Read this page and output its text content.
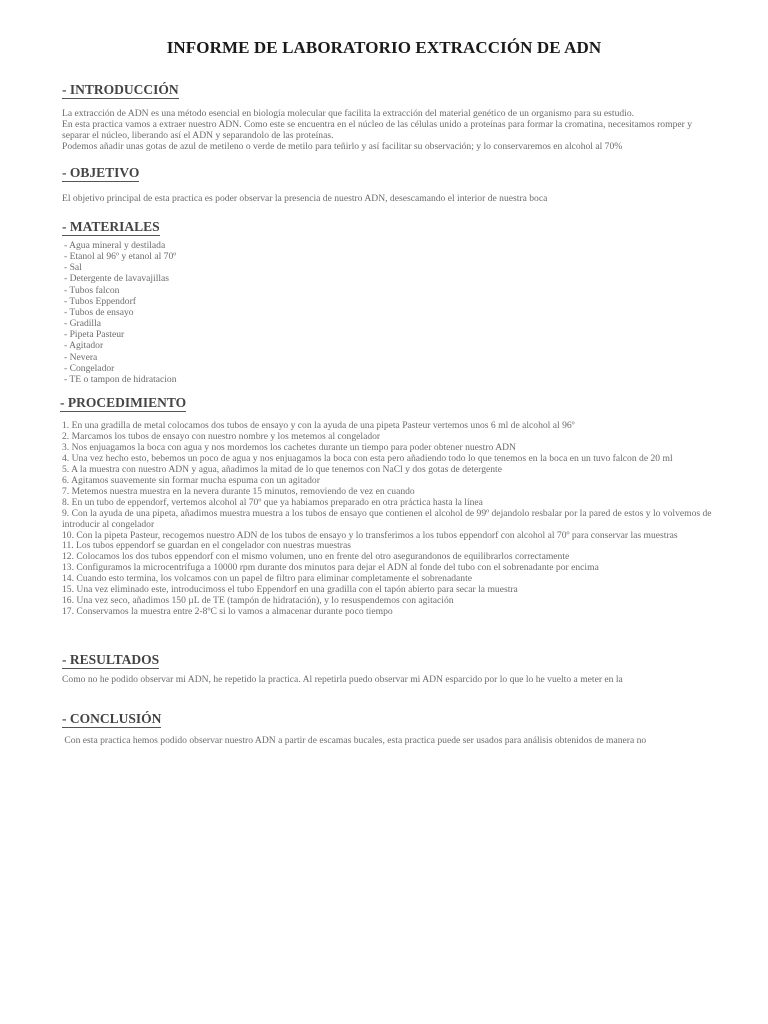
INFORME DE LABORATORIO EXTRACCIÓN DE ADN
- INTRODUCCIÓN
La extracción de ADN es una método esencial en biología molecular que facilita la extracción del material genético de un organismo para su estudio.
En esta practica vamos a extraer nuestro ADN. Como este se encuentra en el núcleo de las células unido a proteínas para formar la cromatina, necesitamos romper y separar el núcleo, liberando así el ADN y separandolo de las proteínas.
Podemos añadir unas gotas de azul de metileno o verde de metilo para teñirlo y así facilitar su observación; y lo conservaremos en alcohol al 70%
- OBJETIVO
El objetivo principal de esta practica es poder observar la presencia de nuestro ADN, desescamando el interior de nuestra boca
- MATERIALES
- Agua mineral y destilada
- Etanol al 96º y etanol al 70º
- Sal
- Detergente de lavavajillas
- Tubos falcon
- Tubos Eppendorf
- Tubos de ensayo
- Gradilla
- Pipeta Pasteur
- Agitador
- Nevera
- Congelador
- TE o tampon de hidratacion
- PROCEDIMIENTO
1. En una gradilla de metal colocamos dos tubos de ensayo y con la ayuda de una pipeta Pasteur vertemos unos 6 ml de alcohol al 96º
2. Marcamos los tubos de ensayo con nuestro nombre y los metemos al congelador
3. Nos enjuagamos la boca con agua y nos mordemos los cachetes durante un tiempo para poder obtener nuestro ADN
4. Una vez hecho esto, bebemos un poco de agua y nos enjuagamos la boca con esta pero añadiendo todo lo que tenemos en la boca en un tuvo falcon de 20 ml
5. A la muestra con nuestro ADN y agua, añadimos la mitad de lo que tenemos con NaCl y dos gotas de detergente
6. Agitamos suavemente sin formar mucha espuma con un agitador
7. Metemos nuestra muestra en la nevera durante 15 minutos, removiendo de vez en cuando
8. En un tubo de eppendorf, vertemos alcohol al 70º que ya habiamos preparado en otra práctica hasta la línea
9. Con la ayuda de una pipeta, añadimos muestra muestra a los tubos de ensayo que contienen el alcohol de 99º dejandolo resbalar por la pared de estos y lo volvemos de introducir al congelador
10. Con la pipeta Pasteur, recogemos nuestro ADN de los tubos de ensayo y lo transferimos a los tubos eppendorf con alcohol al 70º para conservar las muestras
11. Los tubos eppendorf se guardan en el congelador con nuestras muestras
12. Colocamos los dos tubos eppendorf con el mismo volumen, uno en frente del otro asegurandonos de equilibrarlos correctamente
13. Configuramos la microcentrífuga a 10000 rpm durante dos minutos para dejar el ADN al fonde del tubo con el sobrenadante por encima
14. Cuando esto termina, los volcamos con un papel de filtro para eliminar completamente el sobrenadante
15. Una vez eliminado este, introducimoss el tubo Eppendorf en una gradilla con el tapón abierto para secar la muestra
16. Una vez seco, añadimos 150 µL de TE (tampón de hidratación), y lo resuspendemos con agitación
17. Conservamos la muestra entre 2-8ºC si lo vamos a almacenar durante poco tiempo
- RESULTADOS
Como no he podido observar mi ADN, he repetido la practica. Al repetirla puedo observar mi ADN esparcido por lo que lo he vuelto a meter en la
- CONCLUSIÓN
Con esta practica hemos podido observar nuestro ADN a partir de escamas bucales, esta practica puede ser usados para análisis obtenidos de manera no
